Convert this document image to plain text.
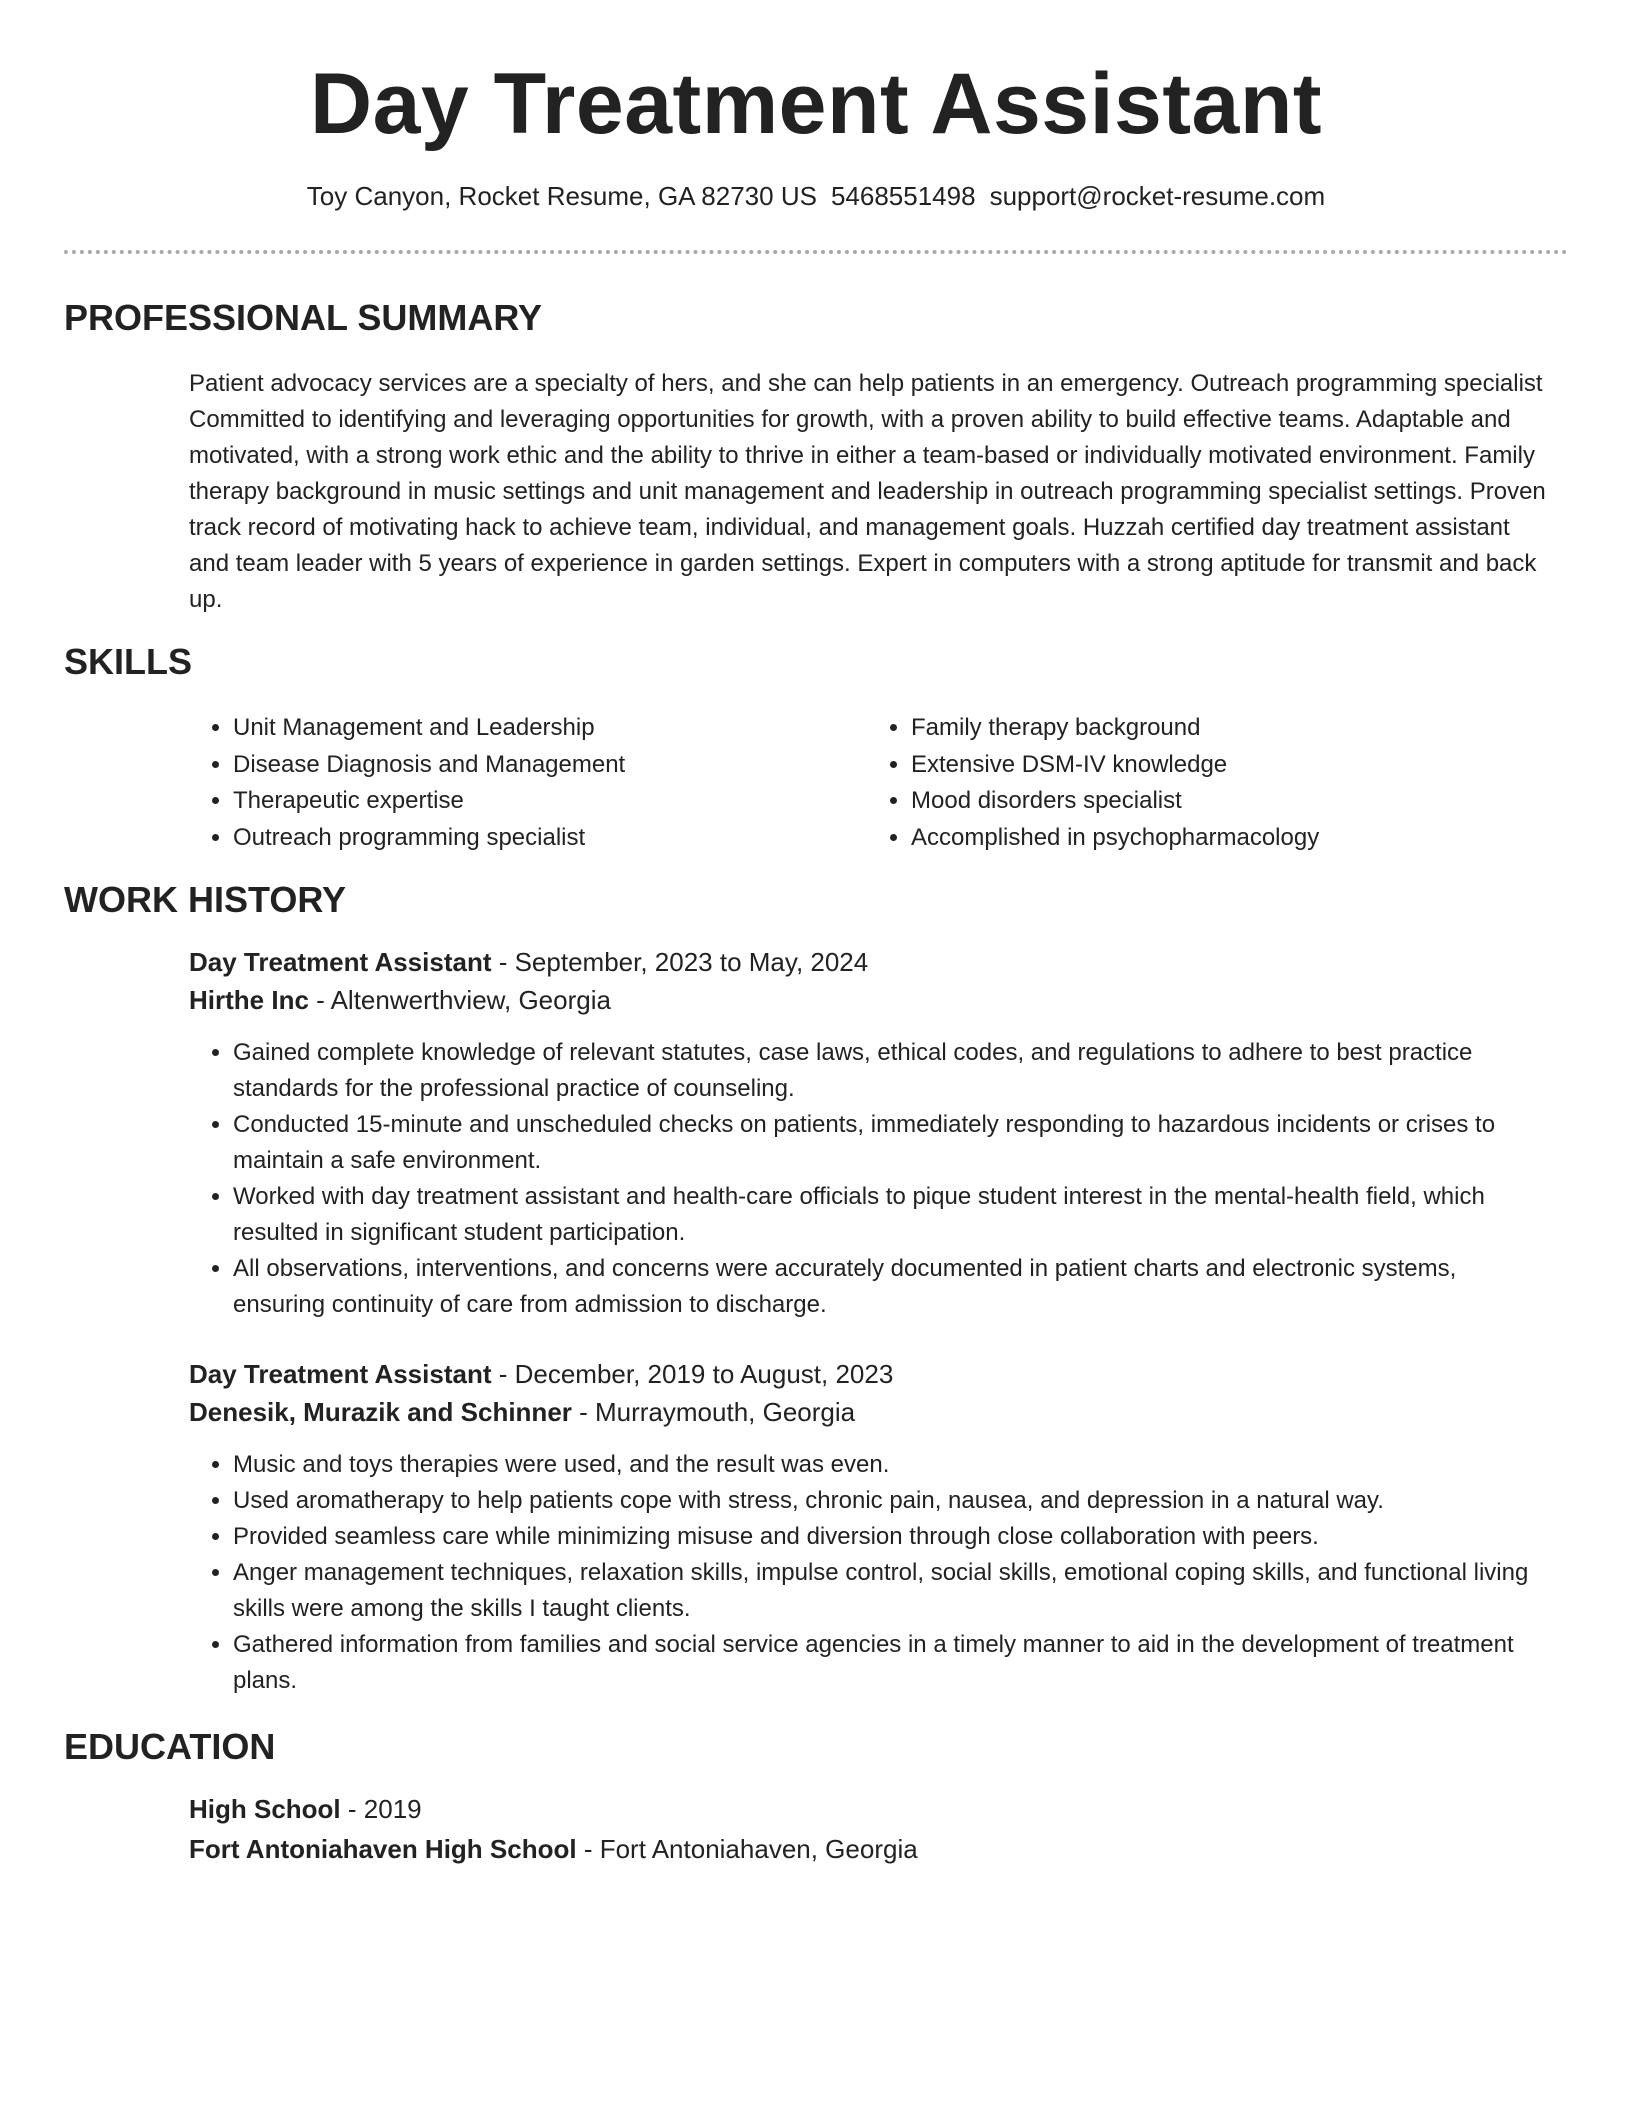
Day Treatment Assistant
Toy Canyon, Rocket Resume, GA 82730 US 5468551498 support@rocket-resume.com
PROFESSIONAL SUMMARY

Patient advocacy services are a specialty of hers, and she can help patients in an emergency. Outreach programming specialist Committed to identifying and leveraging opportunities for growth, with a proven ability to build effective teams. Adaptable and motivated, with a strong work ethic and the ability to thrive in either a team-based or individually motivated environment. Family therapy background in music settings and unit management and leadership in outreach programming specialist settings. Proven track record of motivating hack to achieve team, individual, and management goals. Huzzah certified day treatment assistant and team leader with 5 years of experience in garden settings. Expert in computers with a strong aptitude for transmit and back up.

SKILLS
• Unit Management and Leadership
• Disease Diagnosis and Management
• Therapeutic expertise
• Outreach programming specialist
• Family therapy background
• Extensive DSM-IV knowledge
• Mood disorders specialist
• Accomplished in psychopharmacology
WORK HISTORY
Day Treatment Assistant - September, 2023 to May, 2024
Hirthe Inc - Altenwerthview, Georgia
• Gained complete knowledge of relevant statutes, case laws, ethical codes, and regulations to adhere to best practice standards for the professional practice of counseling.
• Conducted 15-minute and unscheduled checks on patients, immediately responding to hazardous incidents or crises to maintain a safe environment.
• Worked with day treatment assistant and health-care officials to pique student interest in the mental-health field, which resulted in significant student participation.
• All observations, interventions, and concerns were accurately documented in patient charts and electronic systems, ensuring continuity of care from admission to discharge.
Day Treatment Assistant - December, 2019 to August, 2023
Denesik, Murazik and Schinner - Murraymouth, Georgia
• Music and toys therapies were used, and the result was even.
• Used aromatherapy to help patients cope with stress, chronic pain, nausea, and depression in a natural way.
• Provided seamless care while minimizing misuse and diversion through close collaboration with peers.
• Anger management techniques, relaxation skills, impulse control, social skills, emotional coping skills, and functional living skills were among the skills I taught clients.
• Gathered information from families and social service agencies in a timely manner to aid in the development of treatment plans.
EDUCATION
High School - 2019
Fort Antoniahaven High School - Fort Antoniahaven, Georgia
